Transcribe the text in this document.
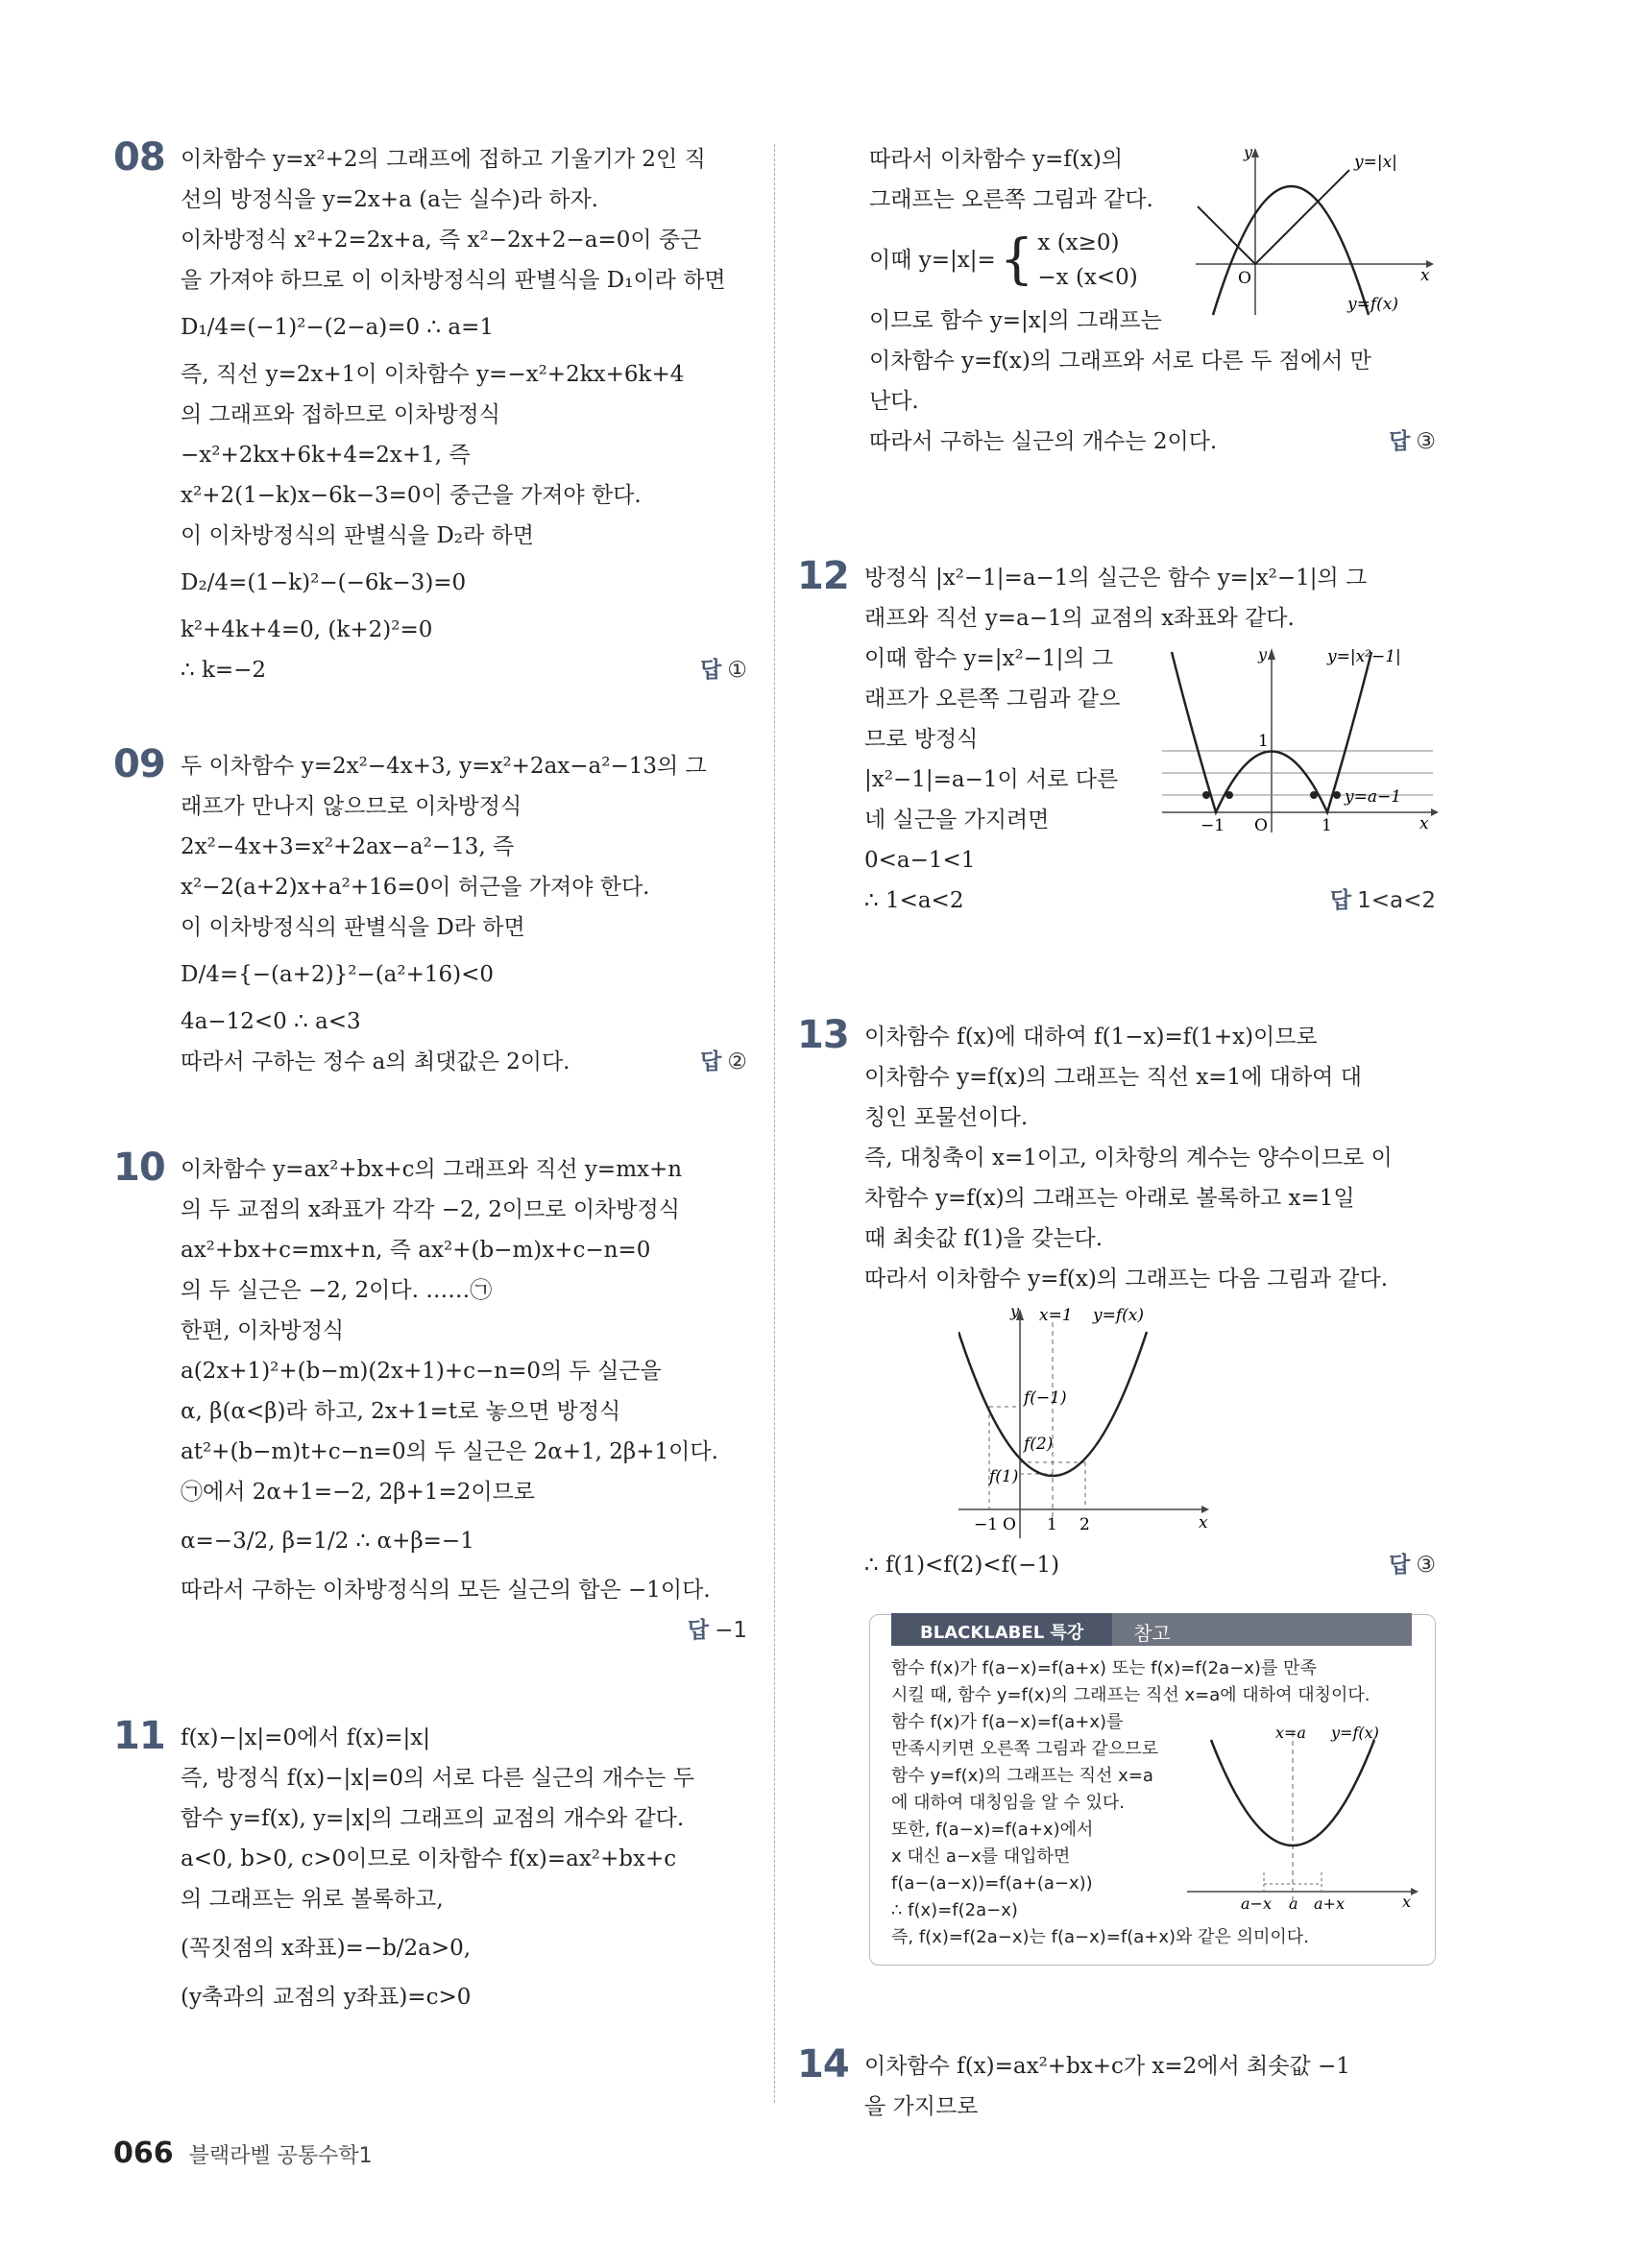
08 이차함수 y=x²+2의 그래프에 접하고 기울기가 2인 직
선의 방정식을 y=2x+a (a는 실수)라 하자.
이차방정식 x²+2=2x+a, 즉 x²−2x+2−a=0이 중근
을 가져야 하므로 이 이차방정식의 판별식을 D₁이라 하면
D₁/4=(−1)²−(2−a)=0 ∴ a=1
즉, 직선 y=2x+1이 이차함수 y=−x²+2kx+6k+4
의 그래프와 접하므로 이차방정식
−x²+2kx+6k+4=2x+1, 즉
x²+2(1−k)x−6k−3=0이 중근을 가져야 한다.
이 이차방정식의 판별식을 D₂라 하면
D₂/4=(1−k)²−(−6k−3)=0
k²+4k+4=0, (k+2)²=0
∴ k=−2	답 ①
09 두 이차함수 y=2x²−4x+3, y=x²+2ax−a²−13의 그
래프가 만나지 않으므로 이차방정식
2x²−4x+3=x²+2ax−a²−13, 즉
x²−2(a+2)x+a²+16=0이 허근을 가져야 한다.
이 이차방정식의 판별식을 D라 하면
D/4={−(a+2)}²−(a²+16)<0
4a−12<0 ∴ a<3
따라서 구하는 정수 a의 최댓값은 2이다.	답 ②
10 이차함수 y=ax²+bx+c의 그래프와 직선 y=mx+n
의 두 교점의 x좌표가 각각 −2, 2이므로 이차방정식
ax²+bx+c=mx+n, 즉 ax²+(b−m)x+c−n=0
의 두 실근은 −2, 2이다. ……㉠
한편, 이차방정식
a(2x+1)²+(b−m)(2x+1)+c−n=0의 두 실근을
α, β(α<β)라 하고, 2x+1=t로 놓으면 방정식
at²+(b−m)t+c−n=0의 두 실근은 2α+1, 2β+1이다.
㉠에서 2α+1=−2, 2β+1=2이므로
α=−3/2, β=1/2 ∴ α+β=−1
따라서 구하는 이차방정식의 모든 실근의 합은 −1이다.
답 −1
11 f(x)−|x|=0에서 f(x)=|x|
즉, 방정식 f(x)−|x|=0의 서로 다른 실근의 개수는 두
함수 y=f(x), y=|x|의 그래프의 교점의 개수와 같다.
a<0, b>0, c>0이므로 이차함수 f(x)=ax²+bx+c
의 그래프는 위로 볼록하고,
(꼭짓점의 x좌표)=−b/2a>0,
(y축과의 교점의 y좌표)=c>0
따라서 이차함수 y=f(x)의
그래프는 오른쪽 그림과 같다.
이때 y=|x|= { x (x≥0)
−x (x<0)
이므로 함수 y=|x|의 그래프는
이차함수 y=f(x)의 그래프와 서로 다른 두 점에서 만
난다.
따라서 구하는 실근의 개수는 2이다.	답 ③
y
O	x
y=|x|
y=f(x)
12 방정식 |x²−1|=a−1의 실근은 함수 y=|x²−1|의 그
래프와 직선 y=a−1의 교점의 x좌표와 같다.
이때 함수 y=|x²−1|의 그
래프가 오른쪽 그림과 같으
므로 방정식
|x²−1|=a−1이 서로 다른
네 실근을 가지려면
0<a−1<1
∴ 1<a<2	답 1<a<2
y	y=|x²−1|
y=a−1
1
−1 O	1	x
13 이차함수 f(x)에 대하여 f(1−x)=f(1+x)이므로
이차함수 y=f(x)의 그래프는 직선 x=1에 대하여 대
칭인 포물선이다.
즉, 대칭축이 x=1이고, 이차항의 계수는 양수이므로 이
차함수 y=f(x)의 그래프는 아래로 볼록하고 x=1일
때 최솟값 f(1)을 갖는다.
따라서 이차함수 y=f(x)의 그래프는 다음 그림과 같다.
y x=1 y=f(x)
f(−1)
f(2)
f(1)
−1 O 1 2	x
∴ f(1)<f(2)<f(−1)	답 ③
BLACKLABEL 특강	참고
함수 f(x)가 f(a−x)=f(a+x) 또는 f(x)=f(2a−x)를 만족
시킬 때, 함수 y=f(x)의 그래프는 직선 x=a에 대하여 대칭이다.
함수 f(x)가 f(a−x)=f(a+x)를
만족시키면 오른쪽 그림과 같으므로
함수 y=f(x)의 그래프는 직선 x=a
에 대하여 대칭임을 알 수 있다.
또한, f(a−x)=f(a+x)에서
x 대신 a−x를 대입하면
f(a−(a−x))=f(a+(a−x))
∴ f(x)=f(2a−x)
즉, f(x)=f(2a−x)는 f(a−x)=f(a+x)와 같은 의미이다.
x=a y=f(x)
a−x a a+x	x
14 이차함수 f(x)=ax²+bx+c가 x=2에서 최솟값 −1
을 가지므로
066 블랙라벨 공통수학1
